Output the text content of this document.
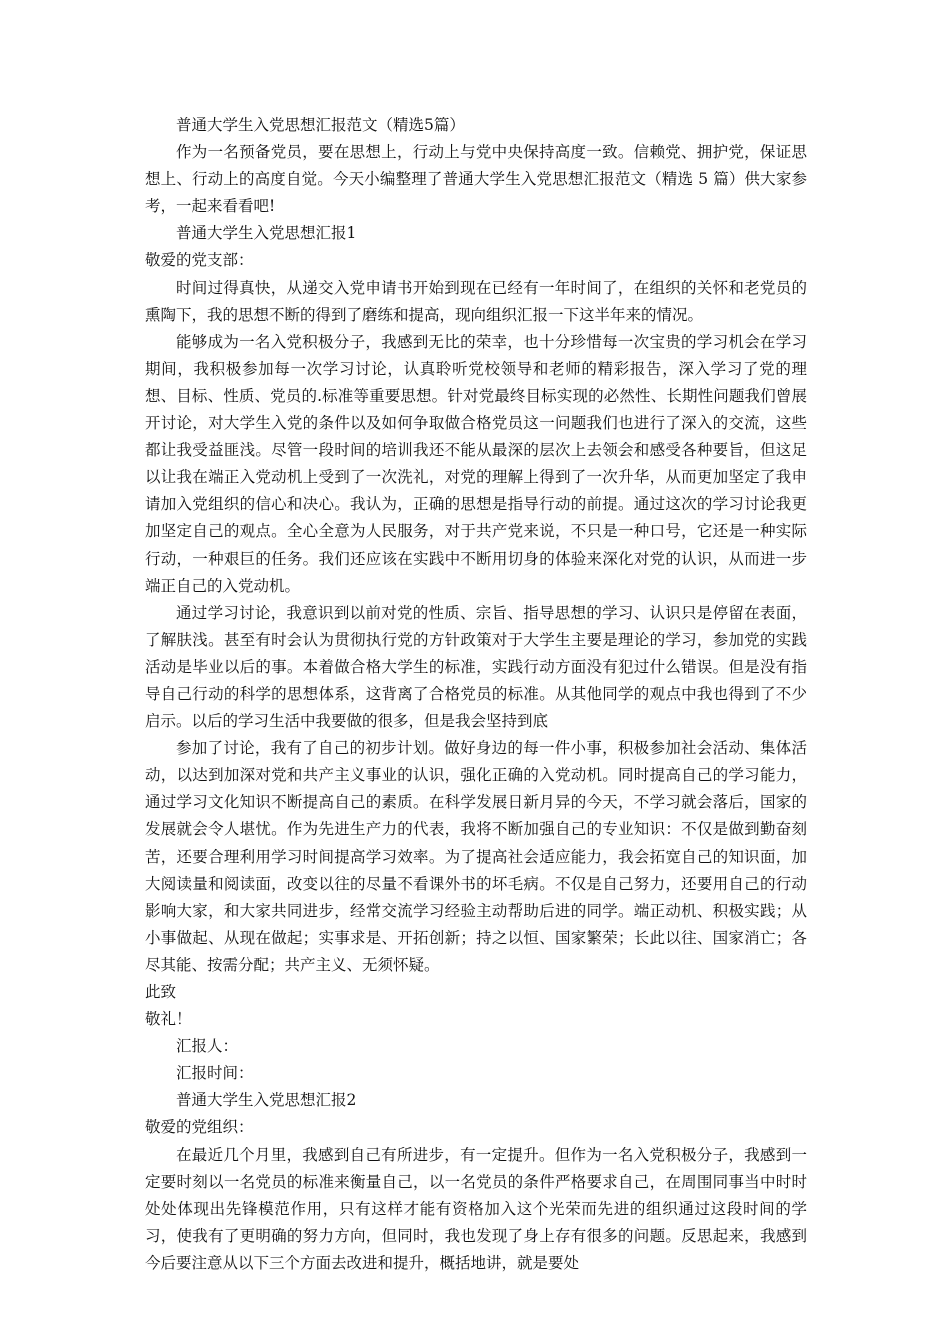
普通大学生入党思想汇报范文（精选5篇）

作为一名预备党员，要在思想上，行动上与党中央保持高度一致。信赖党、拥护党，保证思想上、行动上的高度自觉。今天小编整理了普通大学生入党思想汇报范文（精选 5 篇）供大家参考，一起来看看吧!

普通大学生入党思想汇报1

敬爱的党支部：

时间过得真快，从递交入党申请书开始到现在已经有一年时间了，在组织的关怀和老党员的熏陶下，我的思想不断的得到了磨练和提高，现向组织汇报一下这半年来的情况。

能够成为一名入党积极分子，我感到无比的荣幸，也十分珍惜每一次宝贵的学习机会在学习期间，我积极参加每一次学习讨论，认真聆听党校领导和老师的精彩报告，深入学习了党的理想、目标、性质、党员的.标准等重要思想。针对党最终目标实现的必然性、长期性问题我们曾展开讨论，对大学生入党的条件以及如何争取做合格党员这一问题我们也进行了深入的交流，这些都让我受益匪浅。尽管一段时间的培训我还不能从最深的层次上去领会和感受各种要旨，但这足以让我在端正入党动机上受到了一次洗礼，对党的理解上得到了一次升华，从而更加坚定了我申请加入党组织的信心和决心。我认为，正确的思想是指导行动的前提。通过这次的学习讨论我更加坚定自己的观点。全心全意为人民服务，对于共产党来说，不只是一种口号，它还是一种实际行动，一种艰巨的任务。我们还应该在实践中不断用切身的体验来深化对党的认识，从而进一步端正自己的入党动机。

通过学习讨论，我意识到以前对党的性质、宗旨、指导思想的学习、认识只是停留在表面，了解肤浅。甚至有时会认为贯彻执行党的方针政策对于大学生主要是理论的学习，参加党的实践活动是毕业以后的事。本着做合格大学生的标准，实践行动方面没有犯过什么错误。但是没有指导自己行动的科学的思想体系，这背离了合格党员的标准。从其他同学的观点中我也得到了不少启示。以后的学习生活中我要做的很多，但是我会坚持到底

参加了讨论，我有了自己的初步计划。做好身边的每一件小事，积极参加社会活动、集体活动，以达到加深对党和共产主义事业的认识，强化正确的入党动机。同时提高自己的学习能力，通过学习文化知识不断提高自己的素质。在科学发展日新月异的今天，不学习就会落后，国家的发展就会令人堪忧。作为先进生产力的代表，我将不断加强自己的专业知识：不仅是做到勤奋刻苦，还要合理利用学习时间提高学习效率。为了提高社会适应能力，我会拓宽自己的知识面，加大阅读量和阅读面，改变以往的尽量不看课外书的坏毛病。不仅是自己努力，还要用自己的行动影响大家，和大家共同进步，经常交流学习经验主动帮助后进的同学。端正动机、积极实践；从小事做起、从现在做起；实事求是、开拓创新；持之以恒、国家繁荣；长此以往、国家消亡；各尽其能、按需分配；共产主义、无须怀疑。

此致

敬礼！

汇报人：

汇报时间：

普通大学生入党思想汇报2

敬爱的党组织：

在最近几个月里，我感到自己有所进步，有一定提升。但作为一名入党积极分子，我感到一定要时刻以一名党员的标准来衡量自己，以一名党员的条件严格要求自己，在周围同事当中时时处处体现出先锋模范作用，只有这样才能有资格加入这个光荣而先进的组织通过这段时间的学习，使我有了更明确的努力方向，但同时，我也发现了身上存有很多的问题。反思起来，我感到今后要注意从以下三个方面去改进和提升，概括地讲，就是要处
